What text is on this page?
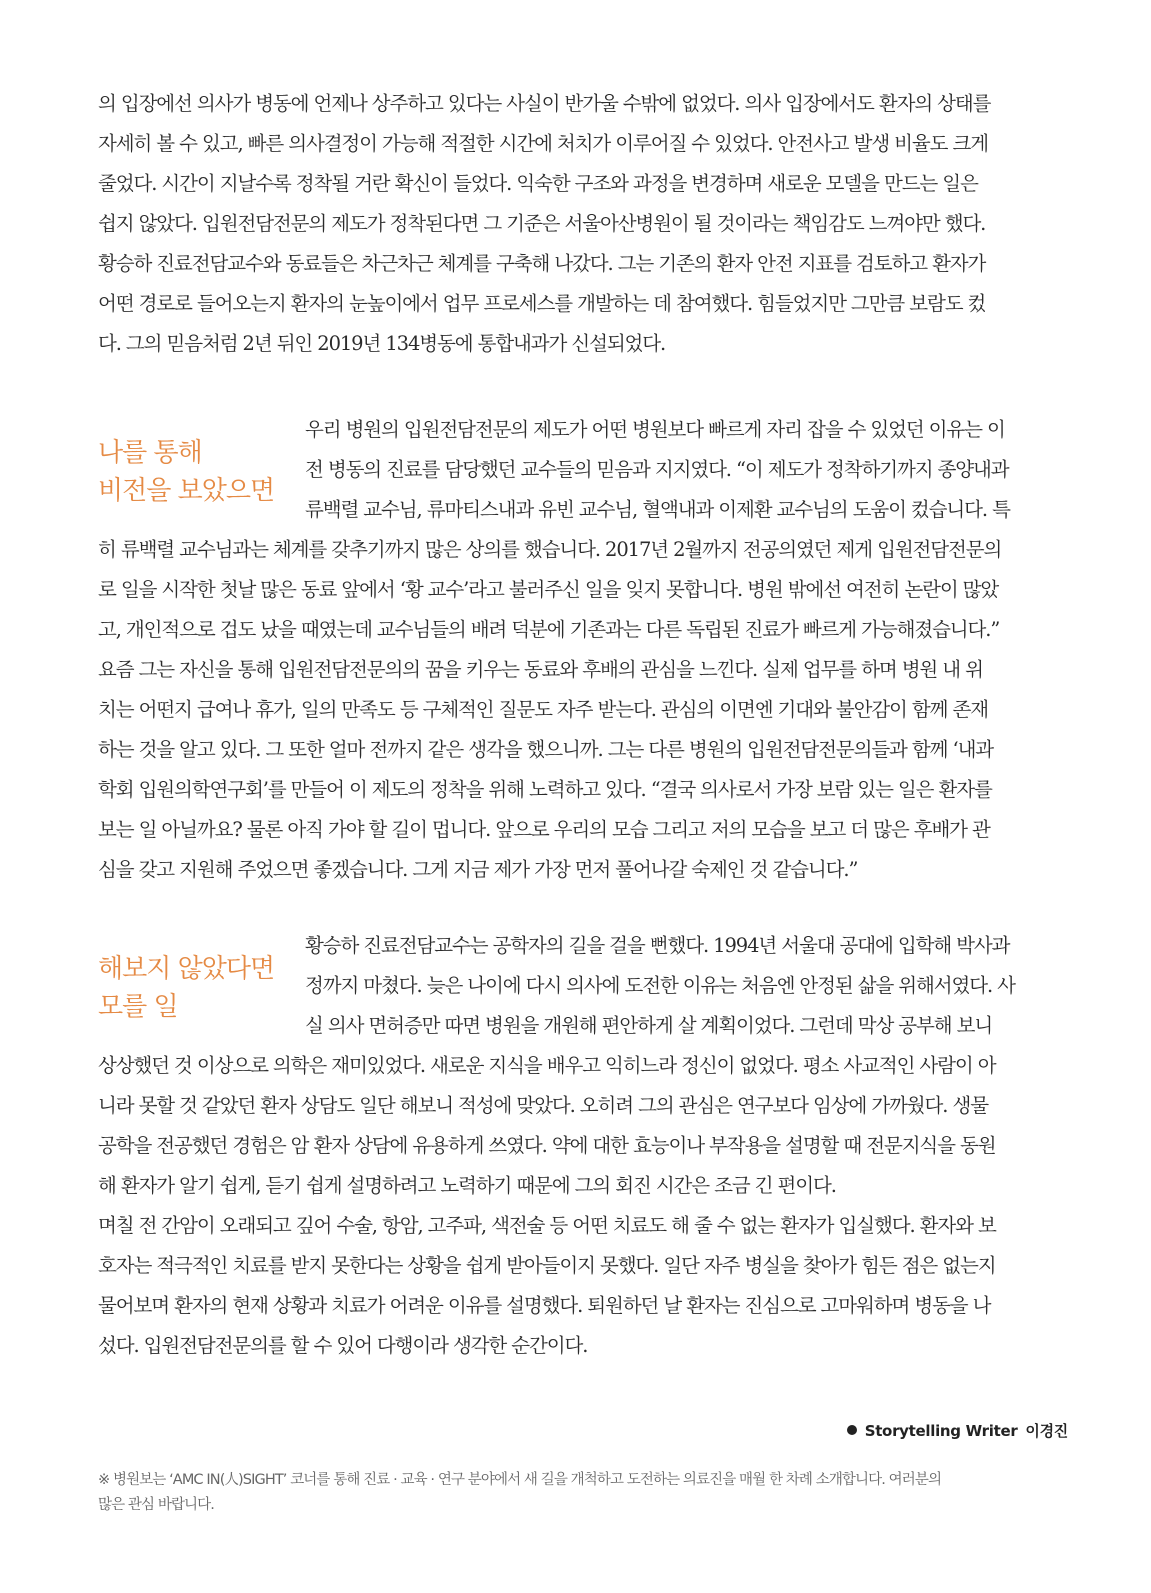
의 입장에선 의사가 병동에 언제나 상주하고 있다는 사실이 반가울 수밖에 없었다. 의사 입장에서도 환자의 상태를
자세히 볼 수 있고, 빠른 의사결정이 가능해 적절한 시간에 처치가 이루어질 수 있었다. 안전사고 발생 비율도 크게
줄었다. 시간이 지날수록 정착될 거란 확신이 들었다. 익숙한 구조와 과정을 변경하며 새로운 모델을 만드는 일은
쉽지 않았다. 입원전담전문의 제도가 정착된다면 그 기준은 서울아산병원이 될 것이라는 책임감도 느껴야만 했다.
황승하 진료전담교수와 동료들은 차근차근 체계를 구축해 나갔다. 그는 기존의 환자 안전 지표를 검토하고 환자가
어떤 경로로 들어오는지 환자의 눈높이에서 업무 프로세스를 개발하는 데 참여했다. 힘들었지만 그만큼 보람도 컸
다. 그의 믿음처럼 2년 뒤인 2019년 134병동에 통합내과가 신설되었다.
나를 통해
비전을 보았으면
우리 병원의 입원전담전문의 제도가 어떤 병원보다 빠르게 자리 잡을 수 있었던 이유는 이
전 병동의 진료를 담당했던 교수들의 믿음과 지지였다. “이 제도가 정착하기까지 종양내과
류백렬 교수님, 류마티스내과 유빈 교수님, 혈액내과 이제환 교수님의 도움이 컸습니다. 특
히 류백렬 교수님과는 체계를 갖추기까지 많은 상의를 했습니다. 2017년 2월까지 전공의였던 제게 입원전담전문의
로 일을 시작한 첫날 많은 동료 앞에서 ‘황 교수’라고 불러주신 일을 잊지 못합니다. 병원 밖에선 여전히 논란이 많았
고, 개인적으로 겁도 났을 때였는데 교수님들의 배려 덕분에 기존과는 다른 독립된 진료가 빠르게 가능해졌습니다.”
요즘 그는 자신을 통해 입원전담전문의의 꿈을 키우는 동료와 후배의 관심을 느낀다. 실제 업무를 하며 병원 내 위
치는 어떤지 급여나 휴가, 일의 만족도 등 구체적인 질문도 자주 받는다. 관심의 이면엔 기대와 불안감이 함께 존재
하는 것을 알고 있다. 그 또한 얼마 전까지 같은 생각을 했으니까. 그는 다른 병원의 입원전담전문의들과 함께 ‘내과
학회 입원의학연구회’를 만들어 이 제도의 정착을 위해 노력하고 있다. “결국 의사로서 가장 보람 있는 일은 환자를
보는 일 아닐까요? 물론 아직 가야 할 길이 멉니다. 앞으로 우리의 모습 그리고 저의 모습을 보고 더 많은 후배가 관
심을 갖고 지원해 주었으면 좋겠습니다. 그게 지금 제가 가장 먼저 풀어나갈 숙제인 것 같습니다.”
해보지 않았다면
모를 일
황승하 진료전담교수는 공학자의 길을 걸을 뻔했다. 1994년 서울대 공대에 입학해 박사과
정까지 마쳤다. 늦은 나이에 다시 의사에 도전한 이유는 처음엔 안정된 삶을 위해서였다. 사
실 의사 면허증만 따면 병원을 개원해 편안하게 살 계획이었다. 그런데 막상 공부해 보니
상상했던 것 이상으로 의학은 재미있었다. 새로운 지식을 배우고 익히느라 정신이 없었다. 평소 사교적인 사람이 아
니라 못할 것 같았던 환자 상담도 일단 해보니 적성에 맞았다. 오히려 그의 관심은 연구보다 임상에 가까웠다. 생물
공학을 전공했던 경험은 암 환자 상담에 유용하게 쓰였다. 약에 대한 효능이나 부작용을 설명할 때 전문지식을 동원
해 환자가 알기 쉽게, 듣기 쉽게 설명하려고 노력하기 때문에 그의 회진 시간은 조금 긴 편이다.
며칠 전 간암이 오래되고 깊어 수술, 항암, 고주파, 색전술 등 어떤 치료도 해 줄 수 없는 환자가 입실했다. 환자와 보
호자는 적극적인 치료를 받지 못한다는 상황을 쉽게 받아들이지 못했다. 일단 자주 병실을 찾아가 힘든 점은 없는지
물어보며 환자의 현재 상황과 치료가 어려운 이유를 설명했다. 퇴원하던 날 환자는 진심으로 고마워하며 병동을 나
섰다. 입원전담전문의를 할 수 있어 다행이라 생각한 순간이다.
Storytelling Writer 이경진
※ 병원보는 ‘AMC IN(人)SIGHT’ 코너를 통해 진료 · 교육 · 연구 분야에서 새 길을 개척하고 도전하는 의료진을 매월 한 차례 소개합니다. 여러분의
많은 관심 바랍니다.
